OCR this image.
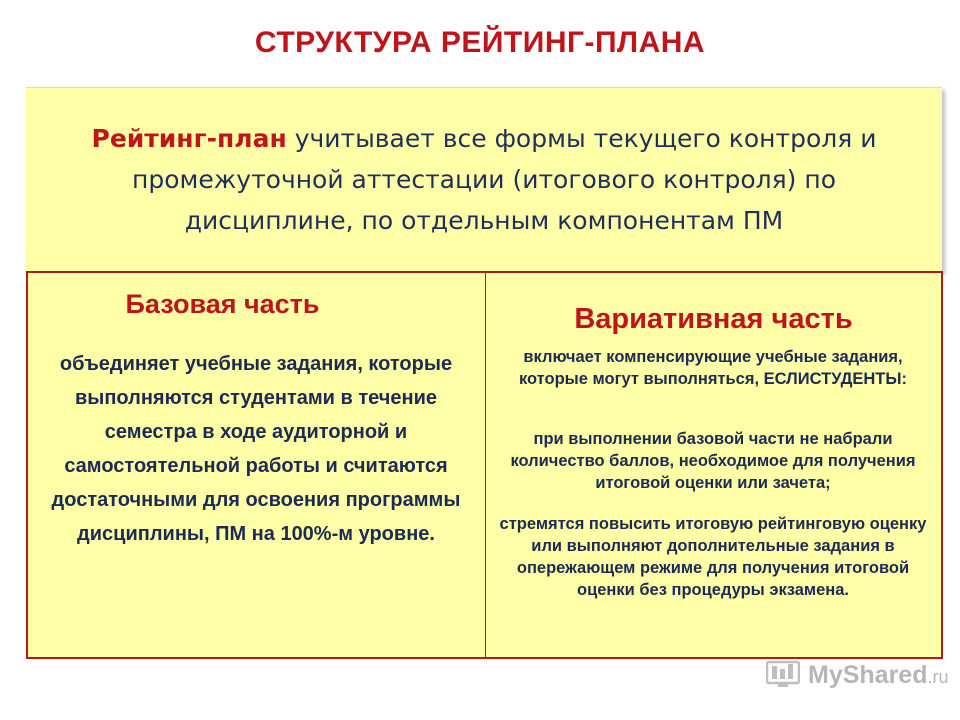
СТРУКТУРА РЕЙТИНГ-ПЛАНА
Рейтинг-план учитывает все формы текущего контроля и промежуточной аттестации (итогового контроля) по дисциплине, по отдельным компонентам ПМ
Базовая часть
объединяет учебные задания, которые выполняются студентами в течение семестра в ходе аудиторной и самостоятельной работы и считаются достаточными для освоения программы дисциплины, ПМ на 100%-м уровне.
Вариативная часть

включает компенсирующие учебные задания, которые могут выполняться, ЕСЛИСТУДЕНТЫ:

при выполнении базовой части не набрали количество баллов, необходимое для получения итоговой оценки или зачета;

стремятся повысить итоговую рейтинговую оценку или выполняют дополнительные задания в опережающем режиме для получения итоговой оценки без процедуры экзамена.

MyShared.ru
